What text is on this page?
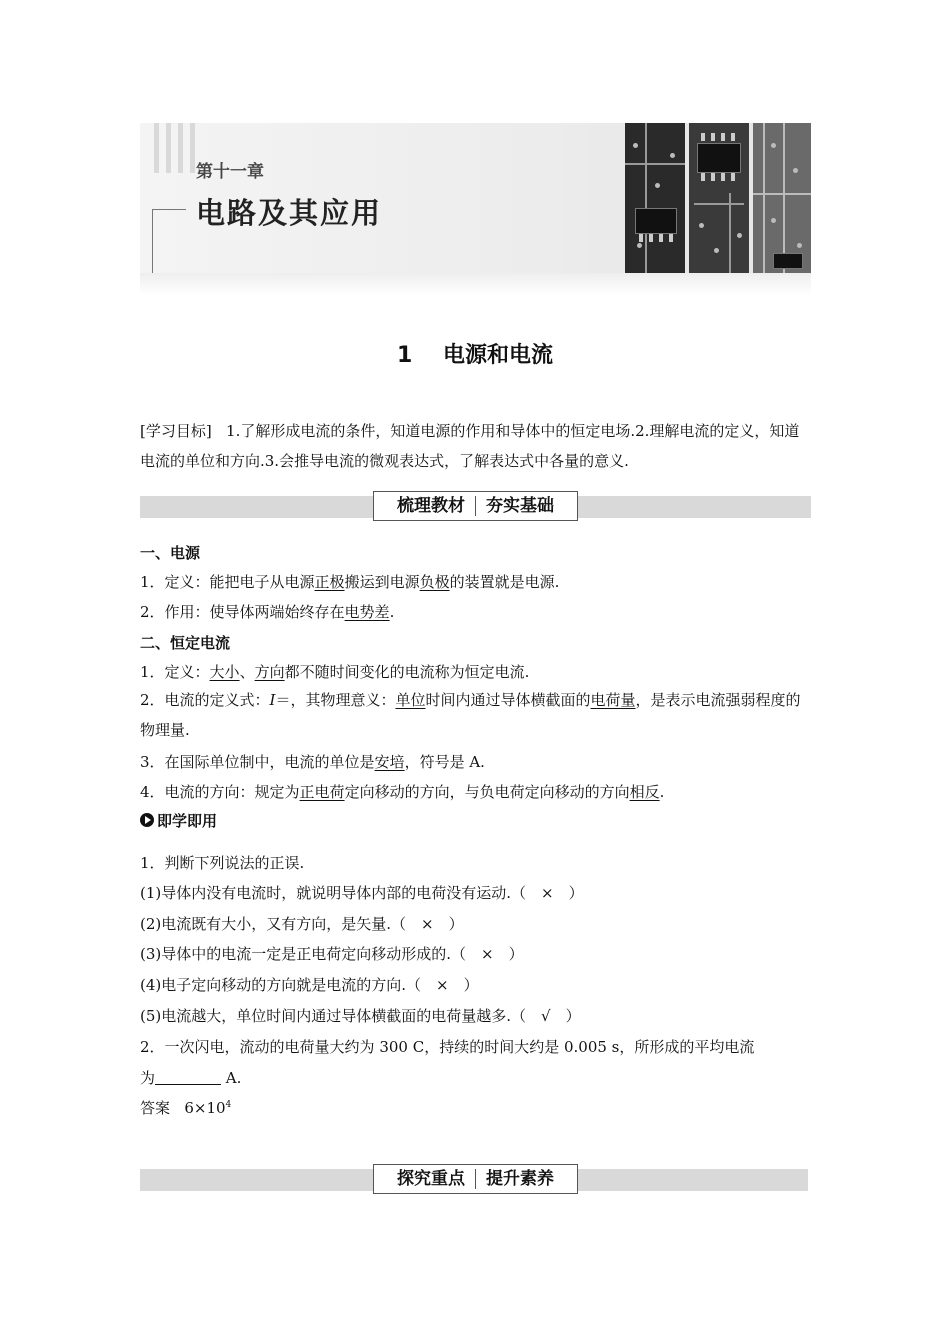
第十一章
电路及其应用
1 电源和电流
[学习目标] 1.了解形成电流的条件，知道电源的作用和导体中的恒定电场.2.理解电流的定义，知道电流的单位和方向.3.会推导电流的微观表达式，了解表达式中各量的意义.
梳理教材 夯实基础
一、电源
1．定义：能把电子从电源正极搬运到电源负极的装置就是电源.
2．作用：使导体两端始终存在电势差.
二、恒定电流
1．定义：大小、方向都不随时间变化的电流称为恒定电流.
2．电流的定义式：I＝，其物理意义：单位时间内通过导体横截面的电荷量，是表示电流强弱程度的物理量.
3．在国际单位制中，电流的单位是安培，符号是 A.
4．电流的方向：规定为正电荷定向移动的方向，与负电荷定向移动的方向相反.
即学即用
1．判断下列说法的正误.
(1)导体内没有电流时，就说明导体内部的电荷没有运动.（　×　）
(2)电流既有大小，又有方向，是矢量.（　×　）
(3)导体中的电流一定是正电荷定向移动形成的.（　×　）
(4)电子定向移动的方向就是电流的方向.（　×　）
(5)电流越大，单位时间内通过导体横截面的电荷量越多.（　√　）
2．一次闪电，流动的电荷量大约为 300 C，持续的时间大约是 0.005 s，所形成的平均电流
为	A.
答案 $6\times 10^4$
探究重点 提升素养
